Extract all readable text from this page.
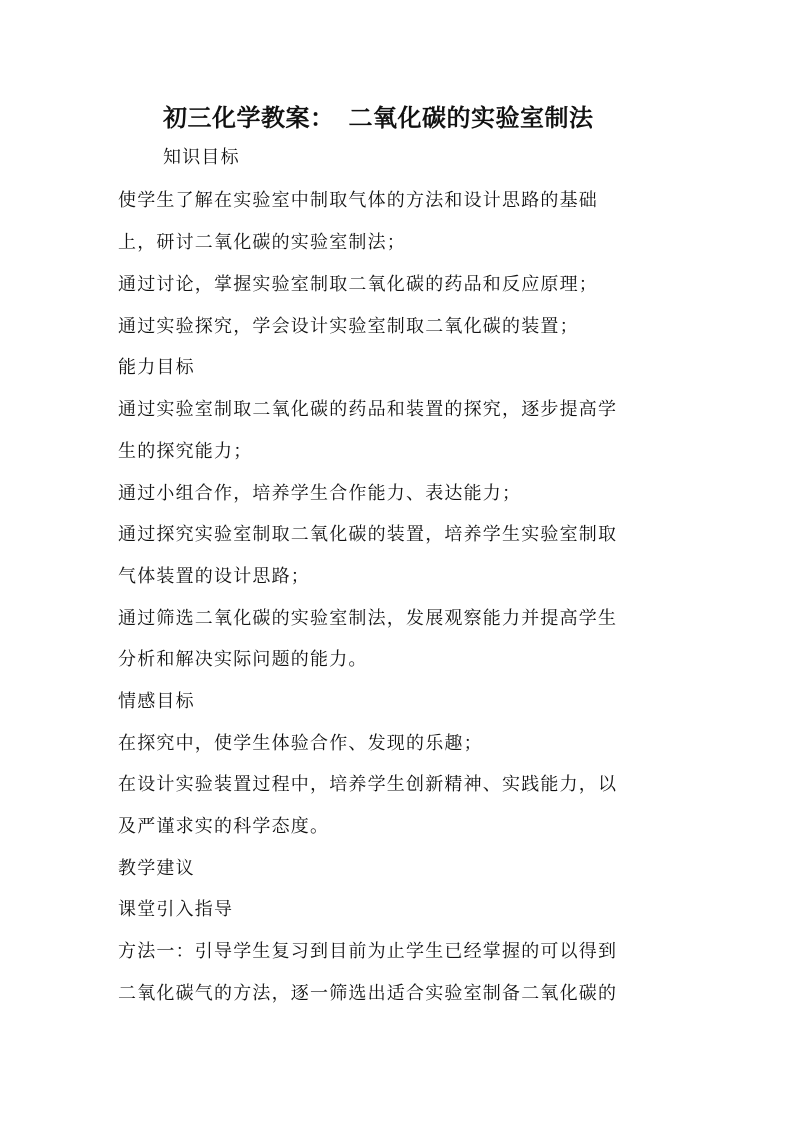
初三化学教案： 二氧化碳的实验室制法
知识目标
使学生了解在实验室中制取气体的方法和设计思路的基础
上，研讨二氧化碳的实验室制法；
通过讨论，掌握实验室制取二氧化碳的药品和反应原理；
通过实验探究，学会设计实验室制取二氧化碳的装置；
能力目标
通过实验室制取二氧化碳的药品和装置的探究，逐步提高学
生的探究能力；
通过小组合作，培养学生合作能力、表达能力；
通过探究实验室制取二氧化碳的装置，培养学生实验室制取
气体装置的设计思路；
通过筛选二氧化碳的实验室制法，发展观察能力并提高学生
分析和解决实际问题的能力。
情感目标
在探究中，使学生体验合作、发现的乐趣；
在设计实验装置过程中，培养学生创新精神、实践能力，以
及严谨求实的科学态度。
教学建议
课堂引入指导
方法一：引导学生复习到目前为止学生已经掌握的可以得到
二氧化碳气的方法，逐一筛选出适合实验室制备二氧化碳的
